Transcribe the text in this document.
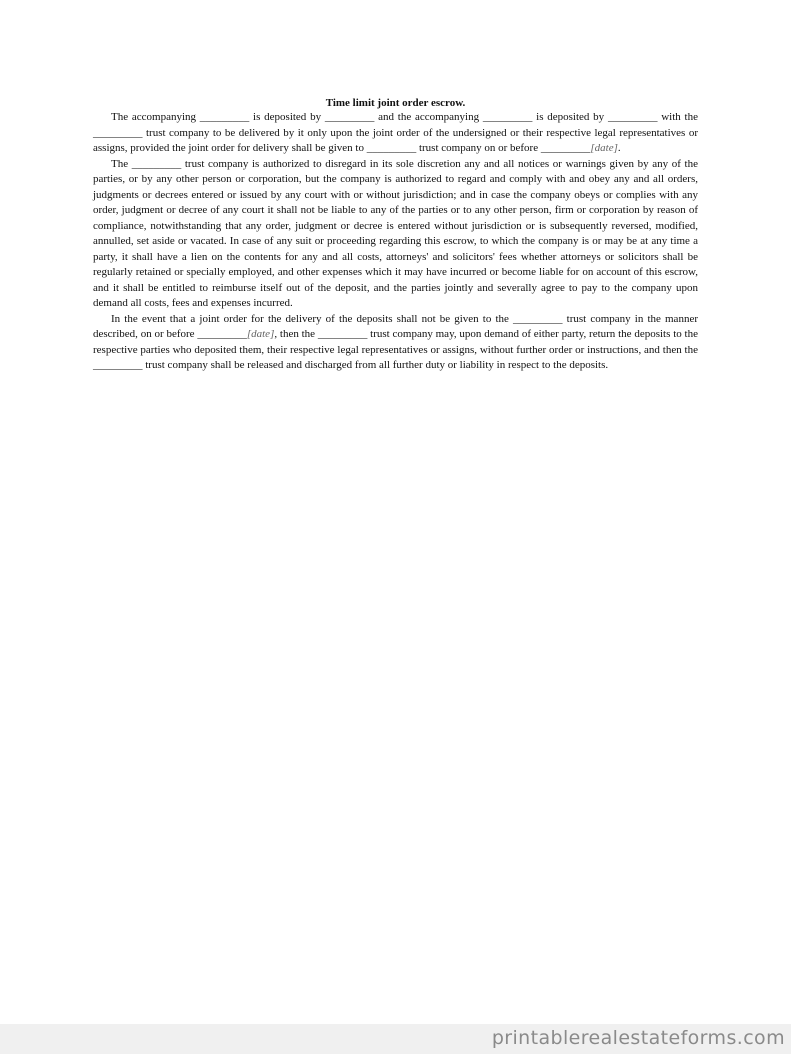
Time limit joint order escrow.

The accompanying _________ is deposited by _________ and the accompanying _________ is deposited by _________ with the _________ trust company to be delivered by it only upon the joint order of the undersigned or their respective legal representatives or assigns, provided the joint order for delivery shall be given to _________ trust company on or before _________[date].

The _________ trust company is authorized to disregard in its sole discretion any and all notices or warnings given by any of the parties, or by any other person or corporation, but the company is authorized to regard and comply with and obey any and all orders, judgments or decrees entered or issued by any court with or without jurisdiction; and in case the company obeys or complies with any order, judgment or decree of any court it shall not be liable to any of the parties or to any other person, firm or corporation by reason of compliance, notwithstanding that any order, judgment or decree is entered without jurisdiction or is subsequently reversed, modified, annulled, set aside or vacated. In case of any suit or proceeding regarding this escrow, to which the company is or may be at any time a party, it shall have a lien on the contents for any and all costs, attorneys' and solicitors' fees whether attorneys or solicitors shall be regularly retained or specially employed, and other expenses which it may have incurred or become liable for on account of this escrow, and it shall be entitled to reimburse itself out of the deposit, and the parties jointly and severally agree to pay to the company upon demand all costs, fees and expenses incurred.

In the event that a joint order for the delivery of the deposits shall not be given to the _________ trust company in the manner described, on or before _________[date], then the _________ trust company may, upon demand of either party, return the deposits to the respective parties who deposited them, their respective legal representatives or assigns, without further order or instructions, and then the _________ trust company shall be released and discharged from all further duty or liability in respect to the deposits.

printablerealestateforms.com
